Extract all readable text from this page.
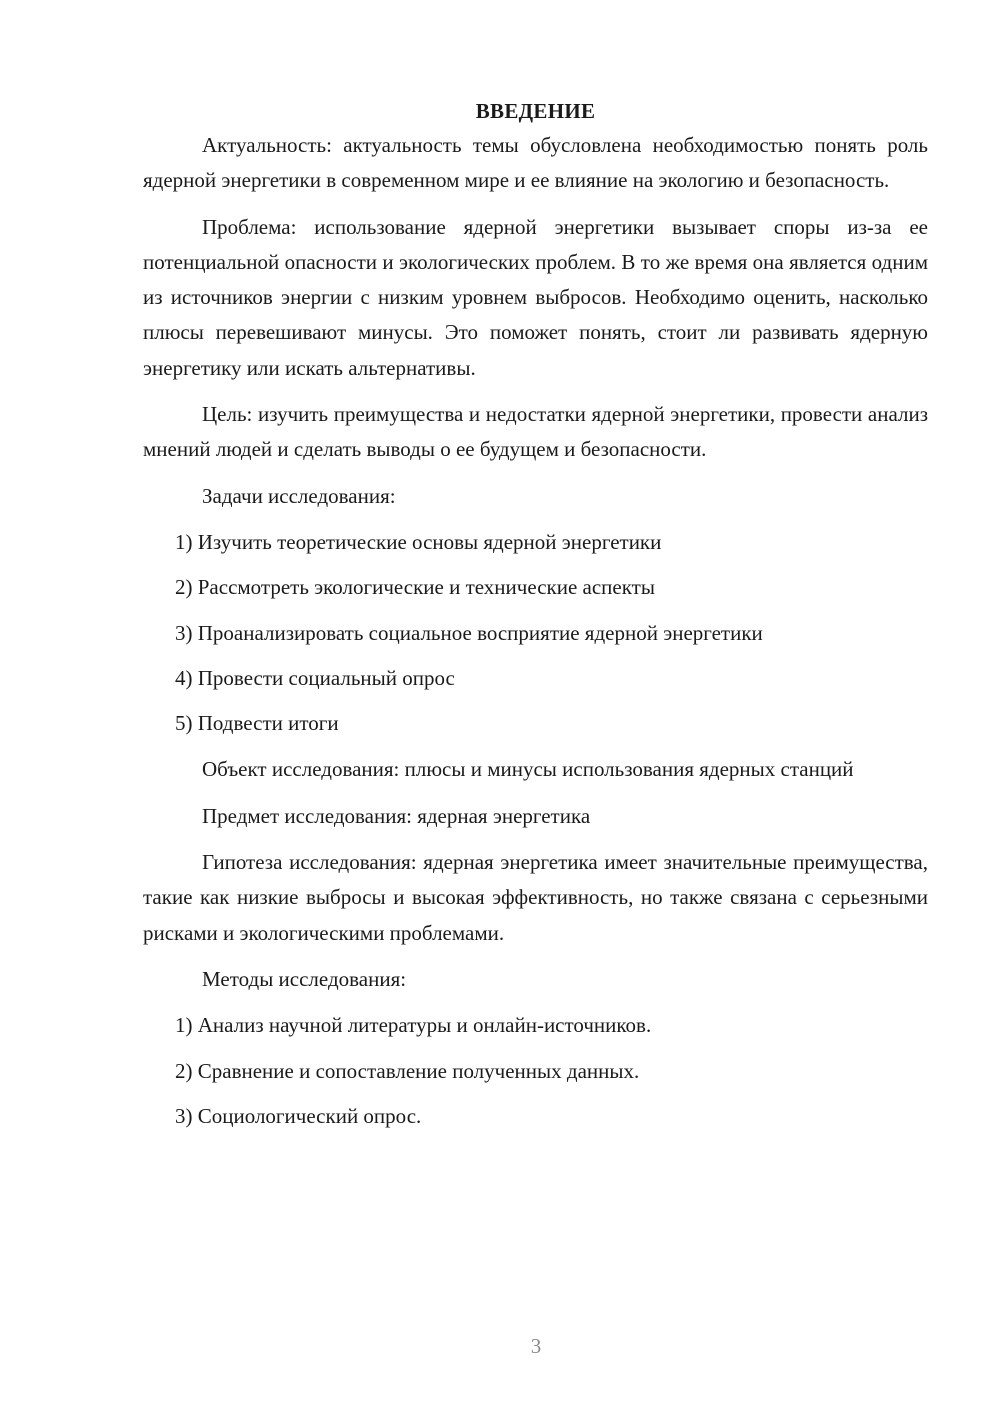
ВВЕДЕНИЕ

Актуальность: актуальность темы обусловлена необходимостью понять роль ядерной энергетики в современном мире и ее влияние на экологию и безопасность.

Проблема: использование ядерной энергетики вызывает споры из-за ее потенциальной опасности и экологических проблем. В то же время она является одним из источников энергии с низким уровнем выбросов. Необходимо оценить, насколько плюсы перевешивают минусы. Это поможет понять, стоит ли развивать ядерную энергетику или искать альтернативы.

Цель: изучить преимущества и недостатки ядерной энергетики, провести анализ мнений людей и сделать выводы о ее будущем и безопасности.

Задачи исследования:

1) Изучить теоретические основы ядерной энергетики
2) Рассмотреть экологические и технические аспекты
3) Проанализировать социальное восприятие ядерной энергетики
4) Провести социальный опрос
5) Подвести итоги

Объект исследования: плюсы и минусы использования ядерных станций

Предмет исследования: ядерная энергетика

Гипотеза исследования: ядерная энергетика имеет значительные преимущества, такие как низкие выбросы и высокая эффективность, но также связана с серьезными рисками и экологическими проблемами.

Методы исследования:

1) Анализ научной литературы и онлайн-источников.
2) Сравнение и сопоставление полученных данных.
3) Социологический опрос.
3
